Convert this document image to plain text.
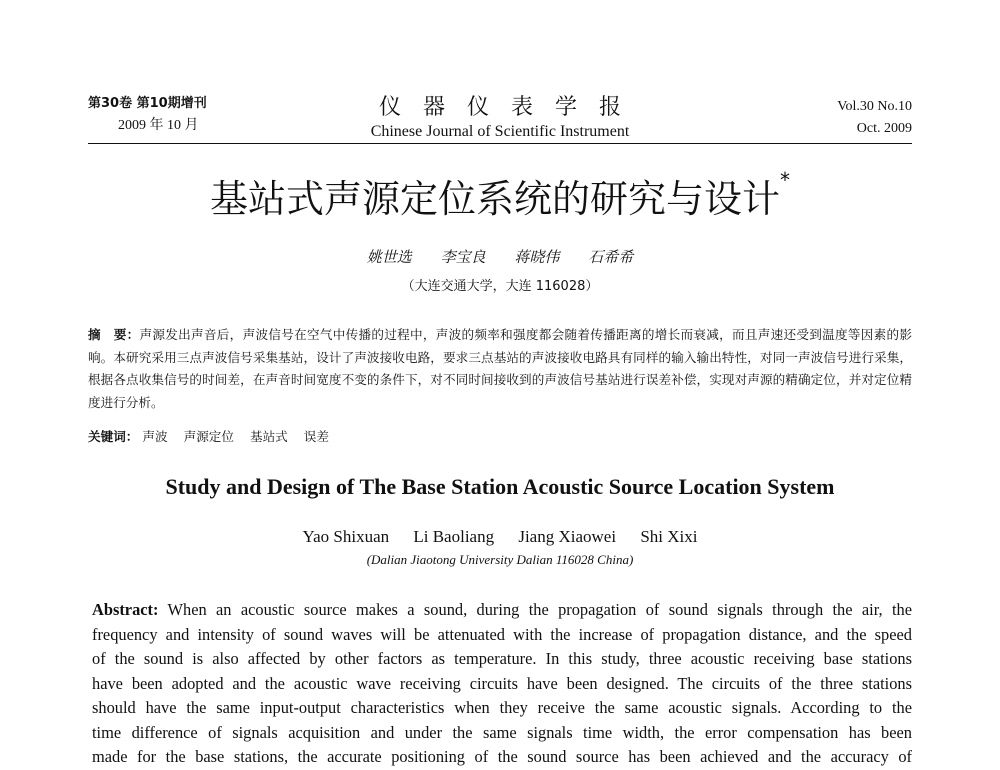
第30卷 第10期增刊
2009 年 10 月
仪器仪表学报
Chinese Journal of Scientific Instrument
Vol.30 No.10
Oct. 2009
基站式声源定位系统的研究与设计*
姚世选 李宝良 蒋晓伟 石希希
（大连交通大学，大连 116028）
摘　要：声源发出声音后，声波信号在空气中传播的过程中，声波的频率和强度都会随着传播距离的增长而衰减，而且声速还受到温度等因素的影响。本研究采用三点声波信号采集基站，设计了声波接收电路，要求三点基站的声波接收电路具有同样的输入输出特性，对同一声波信号进行采集，根据各点收集信号的时间差，在声音时间宽度不变的条件下，对不同时间接收到的声波信号基站进行误差补偿，实现对声源的精确定位，并对定位精度进行分析。
关键词： 声波 声源定位 基站式 误差
Study and Design of The Base Station Acoustic Source Location System
Yao Shixuan Li Baoliang Jiang Xiaowei Shi Xixi
(Dalian Jiaotong University Dalian 116028 China)
Abstract: When an acoustic source makes a sound, during the propagation of sound signals through the air, the
frequency and intensity of sound waves will be attenuated with the increase of propagation distance, and the speed
of the sound is also affected by other factors as temperature. In this study, three acoustic receiving base stations
have been adopted and the acoustic wave receiving circuits have been designed. The circuits of the three stations
should have the same input-output characteristics when they receive the same acoustic signals. According to the
time difference of signals acquisition and under the same signals time width, the error compensation has been
made for the base stations, the accurate positioning of the sound source has been achieved and the accuracy of
